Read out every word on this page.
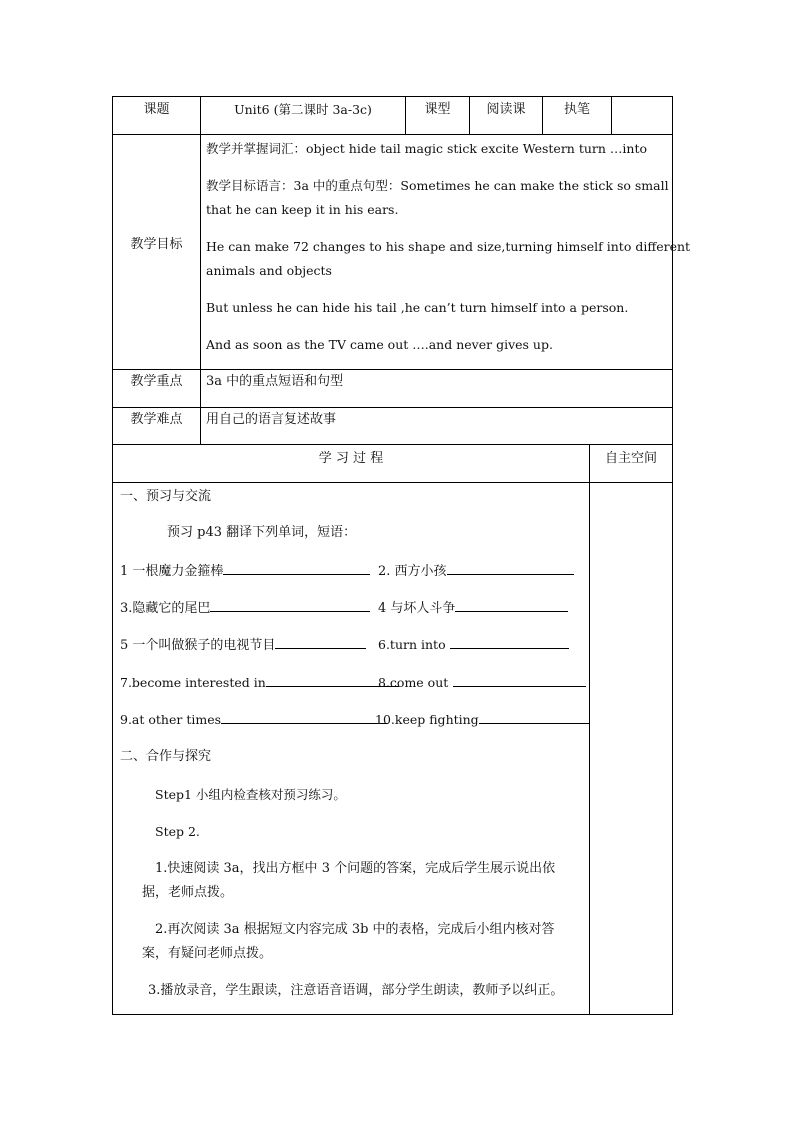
课题	Unit6 (第二课时 3a-3c)	课型	阅读课	执笔
教学目标
教学并掌握词汇：object hide tail magic stick excite Western turn …into
教学目标语言：3a 中的重点句型：Sometimes he can make the stick so small
that he can keep it in his ears.
He can make 72 changes to his shape and size,turning himself into different
animals and objects
But unless he can hide his tail ,he can’t turn himself into a person.
And as soon as the TV came out ….and never gives up.
教学重点	3a 中的重点短语和句型
教学难点	用自己的语言复述故事
学 习 过 程	自主空间
一、预习与交流
预习 p43 翻译下列单词，短语：
1 一根魔力金箍棒	2. 西方小孩
3.隐藏它的尾巴	4 与坏人斗争
5 一个叫做猴子的电视节目	6.turn into
7.become interested in	8.come out
9.at other times	10.keep fighting
二、合作与探究
Step1 小组内检查核对预习练习。
Step 2.
1.快速阅读 3a，找出方框中 3 个问题的答案，完成后学生展示说出依
据，老师点拨。
2.再次阅读 3a 根据短文内容完成 3b 中的表格，完成后小组内核对答
案，有疑问老师点拨。
3.播放录音，学生跟读，注意语音语调，部分学生朗读，教师予以纠正。
